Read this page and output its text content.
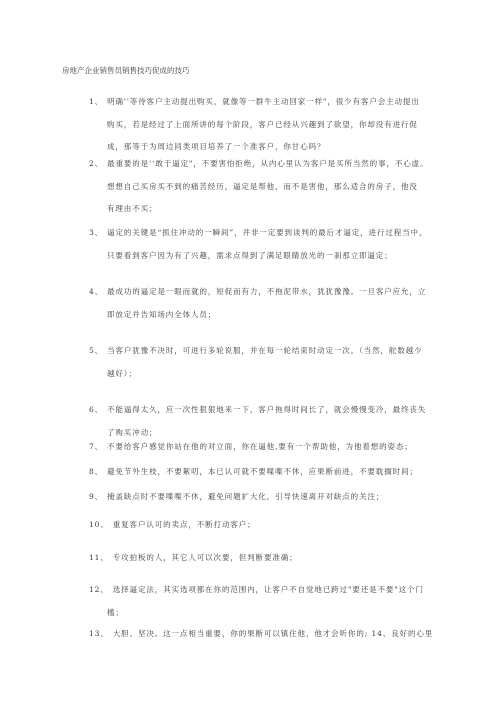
房地产企业销售员销售技巧促成的技巧
1、 明确''等待客户主动提出购买，就像等一群牛主动回家一样"，很少有客户会主动提出
购买，若是经过了上面所讲的每个阶段，客户已经从兴趣到了欲望，你却没有进行促
成，那等于为周边同类项目培养了一个准客户，你甘心吗？
2、 最重要的是'‘敢于逼定"，不要害怕拒绝，从内心里认为客户是买所当然的事，不心虚。
想想自己买房买不到的痛苦经历，逼定是帮他，而不是害他，那么适合的房子，他没
有理由不买；
3、 逼定的关键是“抓住冲动的一瞬间”，并非一定要到谈判的最后才逼定，进行过程当中，
只要看到客户因为有了兴趣，需求点得到了满足眼睛放光的一刹那立即逼定；
4、 最成功的逼定是一眼而就的，短促而有力，不拖泥带水，犹犹豫豫。一旦客户应允，立
即放定并告知场内全体人员；
5、 当客户犹豫不决时，可进行多轮说服，并在每一轮结束时动定一次。（当然，舵数越少
越好）；
6、 不能逼得太久，应一次性狠狠地来一下，客户拖得时间长了，就会慢慢变冷，最终丧失
了购买冲动；
7、 不要给客户感觉你站在他的对立面，你在逼他,要有一个帮助他，为他着想的姿态；
8、 避免节外生枝，不要絮叨，本已认可就不要喋喋不休，应果断前进，不要耽搁时间；
9、 掩盖缺点时不要喋喋不休，避免问题扩大化，引导快速离开对缺点的关注；
10、 重复客户认可的卖点，不断打动客户；
11、 专攻拍板的人，其它人可以次要，但判断要准确；
12、 选择逼定法，其实选项都在你的范围内，让客户不自觉地已跨过"要还是不要"这个门
槛；
13、 大胆、坚决。这一点相当重要，你的果断可以镇住他，他才会听你的; 14、良好的心里
